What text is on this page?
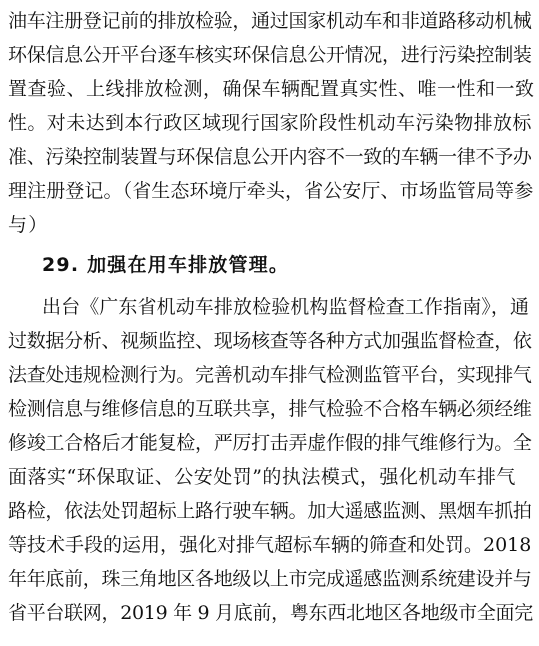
油车注册登记前的排放检验，通过国家机动车和非道路移动机械
环保信息公开平台逐车核实环保信息公开情况，进行污染控制装
置查验、上线排放检测，确保车辆配置真实性、唯一性和一致
性。对未达到本行政区域现行国家阶段性机动车污染物排放标
准、污染控制装置与环保信息公开内容不一致的车辆一律不予办
理注册登记。（省生态环境厅牵头，省公安厅、市场监管局等参
与）
29. 加强在用车排放管理。
出台《广东省机动车排放检验机构监督检查工作指南》，通
过数据分析、视频监控、现场核查等各种方式加强监督检查，依
法查处违规检测行为。完善机动车排气检测监管平台，实现排气
检测信息与维修信息的互联共享，排气检验不合格车辆必须经维
修竣工合格后才能复检，严厉打击弄虚作假的排气维修行为。全
面落实“环保取证、公安处罚”的执法模式，强化机动车排气
路检，依法处罚超标上路行驶车辆。加大遥感监测、黑烟车抓拍
等技术手段的运用，强化对排气超标车辆的筛查和处罚。2018
年年底前，珠三角地区各地级以上市完成遥感监测系统建设并与
省平台联网，2019 年 9 月底前，粤东西北地区各地级市全面完
